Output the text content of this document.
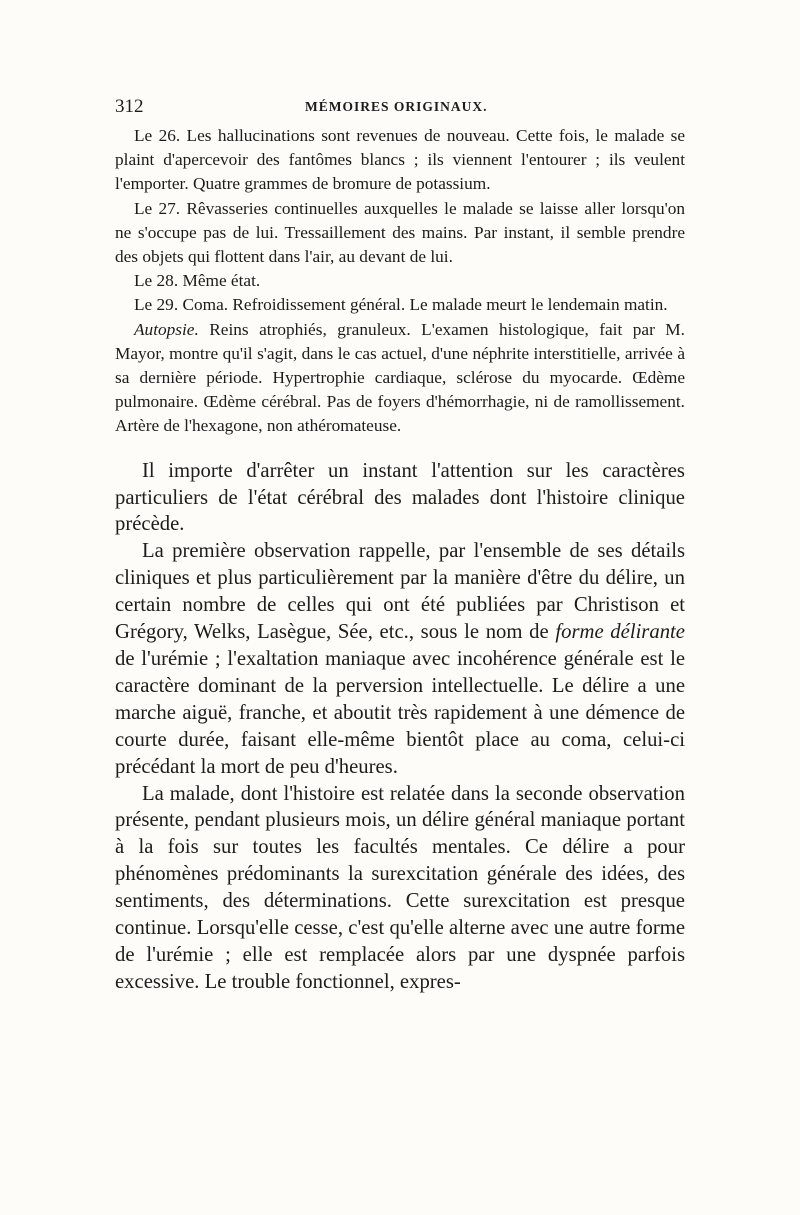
312	MÉMOIRES ORIGINAUX.

Le 26. Les hallucinations sont revenues de nouveau. Cette fois, le malade se plaint d'apercevoir des fantômes blancs ; ils viennent l'entourer ; ils veulent l'emporter. Quatre grammes de bromure de potassium.

Le 27. Rêvasseries continuelles auxquelles le malade se laisse aller lorsqu'on ne s'occupe pas de lui. Tressaillement des mains. Par instant, il semble prendre des objets qui flottent dans l'air, au devant de lui.

Le 28. Même état.

Le 29. Coma. Refroidissement général. Le malade meurt le lendemain matin.

Autopsie. Reins atrophiés, granuleux. L'examen histologique, fait par M. Mayor, montre qu'il s'agit, dans le cas actuel, d'une néphrite interstitielle, arrivée à sa dernière période. Hypertrophie cardiaque, sclérose du myocarde. Œdème pulmonaire. Œdème cérébral. Pas de foyers d'hémorrhagie, ni de ramollissement. Artère de l'hexagone, non athéromateuse.

Il importe d'arrêter un instant l'attention sur les caractères particuliers de l'état cérébral des malades dont l'histoire clinique précède.

La première observation rappelle, par l'ensemble de ses détails cliniques et plus particulièrement par la manière d'être du délire, un certain nombre de celles qui ont été publiées par Christison et Grégory, Welks, Lasègue, Sée, etc., sous le nom de forme délirante de l'urémie ; l'exaltation maniaque avec incohérence générale est le caractère dominant de la perversion intellectuelle. Le délire a une marche aiguë, franche, et aboutit très rapidement à une démence de courte durée, faisant elle-même bientôt place au coma, celui-ci précédant la mort de peu d'heures.

La malade, dont l'histoire est relatée dans la seconde observation présente, pendant plusieurs mois, un délire général maniaque portant à la fois sur toutes les facultés mentales. Ce délire a pour phénomènes prédominants la surexcitation générale des idées, des sentiments, des déterminations. Cette surexcitation est presque continue. Lorsqu'elle cesse, c'est qu'elle alterne avec une autre forme de l'urémie ; elle est remplacée alors par une dyspnée parfois excessive. Le trouble fonctionnel, expres-
